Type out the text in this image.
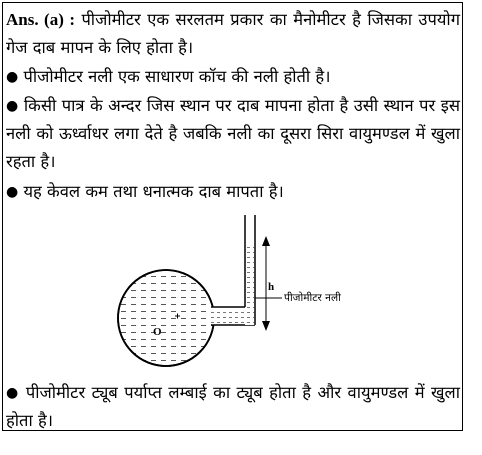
Ans. (a) : पीजोमीटर एक सरलतम प्रकार का मैनोमीटर है जिसका उपयोग गेज दाब मापन के लिए होता है।
● पीजोमीटर नली एक साधारण कॉच की नली होती है।
● किसी पात्र के अन्दर जिस स्थान पर दाब मापना होता है उसी स्थान पर इस नली को ऊर्ध्वाधर लगा देते है जबकि नली का दूसरा सिरा वायुमण्डल में खुला रहता है।
● यह केवल कम तथा धनात्मक दाब मापता है।
h
पीजोमीटर नली
O
● पीजोमीटर ट्यूब पर्याप्त लम्बाई का ट्यूब होता है और वायुमण्डल में खुला होता है।
